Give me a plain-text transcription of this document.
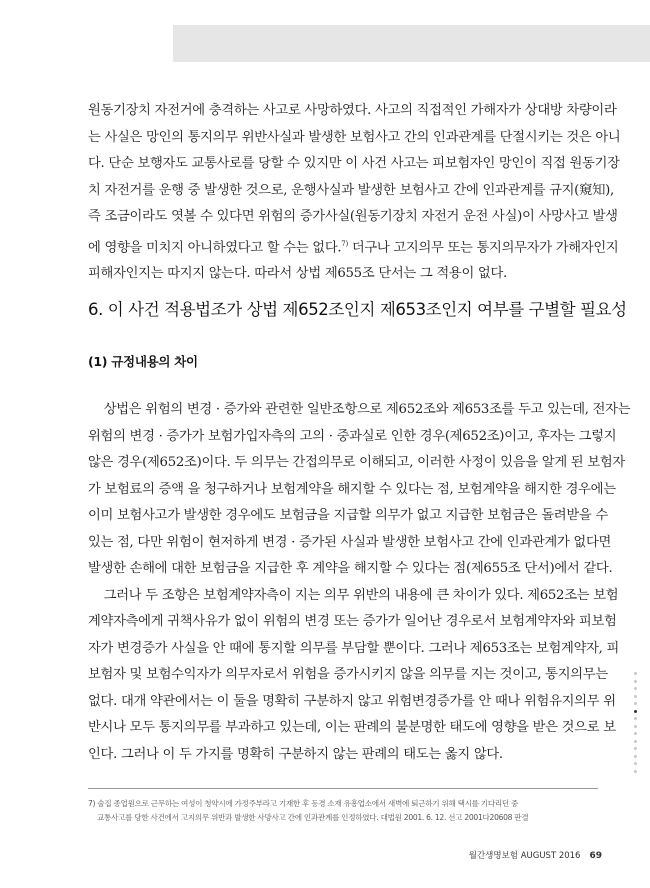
원동기장치 자전거에 충격하는 사고로 사망하였다. 사고의 직접적인 가해자가 상대방 차량이라
는 사실은 망인의 통지의무 위반사실과 발생한 보험사고 간의 인과관계를 단절시키는 것은 아니
다. 단순 보행자도 교통사로를 당할 수 있지만 이 사건 사고는 피보험자인 망인이 직접 원동기장
치 자전거를 운행 중 발생한 것으로, 운행사실과 발생한 보험사고 간에 인과관계를 규지(窺知),
즉 조금이라도 엿볼 수 있다면 위험의 증가사실(원동기장치 자전거 운전 사실)이 사망사고 발생
에 영향을 미치지 아니하였다고 할 수는 없다.$^{7)}$ 더구나 고지의무 또는 통지의무자가 가해자인지
피해자인지는 따지지 않는다. 따라서 상법 제655조 단서는 그 적용이 없다.
6. 이 사건 적용법조가 상법 제652조인지 제653조인지 여부를 구별할 필요성
(1) 규정내용의 차이
상법은 위험의 변경 · 증가와 관련한 일반조항으로 제652조와 제653조를 두고 있는데, 전자는
위험의 변경 · 증가가 보험가입자측의 고의 · 중과실로 인한 경우(제652조)이고, 후자는 그렇지
않은 경우(제652조)이다. 두 의무는 간접의무로 이해되고, 이러한 사정이 있음을 알게 된 보험자
가 보험료의 증액 을 청구하거나 보험계약을 해지할 수 있다는 점, 보험계약을 해지한 경우에는
이미 보험사고가 발생한 경우에도 보험금을 지급할 의무가 없고 지급한 보험금은 돌려받을 수
있는 점, 다만 위험이 현저하게 변경 · 증가된 사실과 발생한 보험사고 간에 인과관계가 없다면
발생한 손해에 대한 보험금을 지급한 후 계약을 해지할 수 있다는 점(제655조 단서)에서 같다.
그러나 두 조항은 보험계약자측이 지는 의무 위반의 내용에 큰 차이가 있다. 제652조는 보험
계약자측에게 귀책사유가 없이 위험의 변경 또는 증가가 일어난 경우로서 보험계약자와 피보험
자가 변경증가 사실을 안 때에 통지할 의무를 부담할 뿐이다. 그러나 제653조는 보험계약자, 피
보험자 및 보험수익자가 의무자로서 위험을 증가시키지 않을 의무를 지는 것이고, 통지의무는
없다. 대개 약관에서는 이 둘을 명확히 구분하지 않고 위험변경증가를 안 때나 위험유지의무 위
반시나 모두 통지의무를 부과하고 있는데, 이는 판례의 불분명한 태도에 영향을 받은 것으로 보
인다. 그러나 이 두 가지를 명확히 구분하지 않는 판례의 태도는 옳지 않다.
7) 술집 종업원으로 근무하는 여성이 청약시에 가정주부라고 기재한 후 동경 소재 유흥업소에서 새벽에 퇴근하기 위해 택시를 기다리던 중
교통사고를 당한 사건에서 고지의무 위반과 발생한 사망사고 간에 인과관계를 인정하였다. 대법원 2001. 6. 12. 선고 2001다20608 판결
월간생명보험 AUGUST 2016 69
